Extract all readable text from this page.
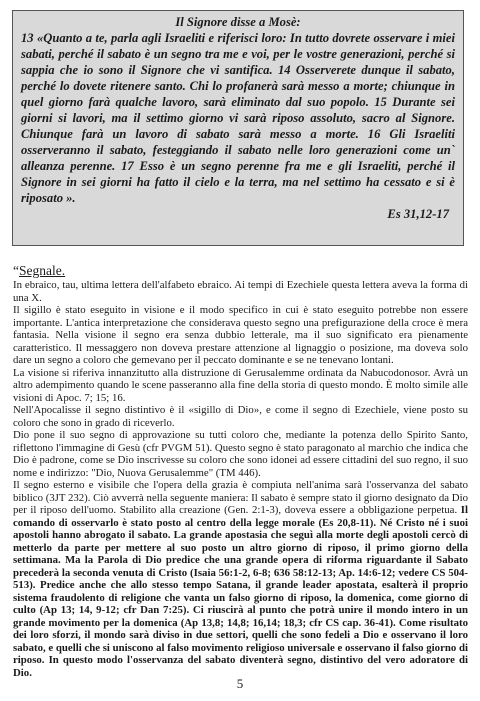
Il Signore disse a Mosè:

13 «Quanto a te, parla agli Israeliti e riferisci loro: In tutto dovrete osservare i miei sabati, perché il sabato è un segno tra me e voi, per le vostre generazioni, perché si sappia che io sono il Signore che vi santifica. 14 Osserverete dunque il sabato, perché lo dovete ritenere santo. Chi lo profanerà sarà messo a morte; chiunque in quel giorno farà qualche lavoro, sarà eliminato dal suo popolo. 15 Durante sei giorni si lavori, ma il settimo giorno vi sarà riposo assoluto, sacro al Signore. Chiunque farà un lavoro di sabato sarà messo a morte. 16 Gli Israeliti osserveranno il sabato, festeggiando il sabato nelle loro generazioni come un` alleanza perenne. 17 Esso è un segno perenne fra me e gli Israeliti, perché il Signore in sei giorni ha fatto il cielo e la terra, ma nel settimo ha cessato e si è riposato ».

Es 31,12-17

“Segnale.

In ebraico, tau, ultima lettera dell'alfabeto ebraico. Ai tempi di Ezechiele questa lettera aveva la forma di una X.

Il sigillo è stato eseguito in visione e il modo specifico in cui è stato eseguito potrebbe non essere importante. L'antica interpretazione che considerava questo segno una prefigurazione della croce è mera fantasia. Nella visione il segno era senza dubbio letterale, ma il suo significato era pienamente caratteristico. Il messaggero non doveva prestare attenzione al lignaggio o posizione, ma doveva solo dare un segno a coloro che gemevano per il peccato dominante e se ne tenevano lontani.

La visione si riferiva innanzitutto alla distruzione di Gerusalemme ordinata da Nabucodonosor. Avrà un altro adempimento quando le scene passeranno alla fine della storia di questo mondo. È molto simile alle visioni di Apoc. 7; 15; 16.

Nell'Apocalisse il segno distintivo è il «sigillo di Dio», e come il segno di Ezechiele, viene posto su coloro che sono in grado di riceverlo.

Dio pone il suo segno di approvazione su tutti coloro che, mediante la potenza dello Spirito Santo, riflettono l'immagine di Gesù (cfr PVGM 51). Questo segno è stato paragonato al marchio che indica che Dio è padrone, come se Dio inscrivesse su coloro che sono idonei ad essere cittadini del suo regno, il suo nome e indirizzo: "Dio, Nuova Gerusalemme" (TM 446).

Il segno esterno e visibile che l'opera della grazia è compiuta nell'anima sarà l'osservanza del sabato biblico (3JT 232). Ciò avverrà nella seguente maniera: Il sabato è sempre stato il giorno designato da Dio per il riposo dell'uomo. Stabilito alla creazione (Gen. 2:1-3), doveva essere a obbligazione perpetua. Il comando di osservarlo è stato posto al centro della legge morale (Es 20,8-11). Né Cristo né i suoi apostoli hanno abrogato il sabato. La grande apostasia che seguì alla morte degli apostoli cercò di metterlo da parte per mettere al suo posto un altro giorno di riposo, il primo giorno della settimana. Ma la Parola di Dio predice che una grande opera di riforma riguardante il Sabato precederà la seconda venuta di Cristo (Isaia 56:1-2, 6-8; 636 58:12-13; Ap. 14:6-12; vedere CS 504-513). Predice anche che allo stesso tempo Satana, il grande leader apostata, esalterà il proprio sistema fraudolento di religione che vanta un falso giorno di riposo, la domenica, come giorno di culto (Ap 13; 14, 9-12; cfr Dan 7:25). Ci riuscirà al punto che potrà unire il mondo intero in un grande movimento per la domenica (Ap 13,8; 14,8; 16,14; 18,3; cfr CS cap. 36-41). Come risultato dei loro sforzi, il mondo sarà diviso in due settori, quelli che sono fedeli a Dio e osservano il loro sabato, e quelli che si uniscono al falso movimento religioso universale e osservano il falso giorno di riposo. In questo modo l'osservanza del sabato diventerà segno, distintivo del vero adoratore di Dio.

5
